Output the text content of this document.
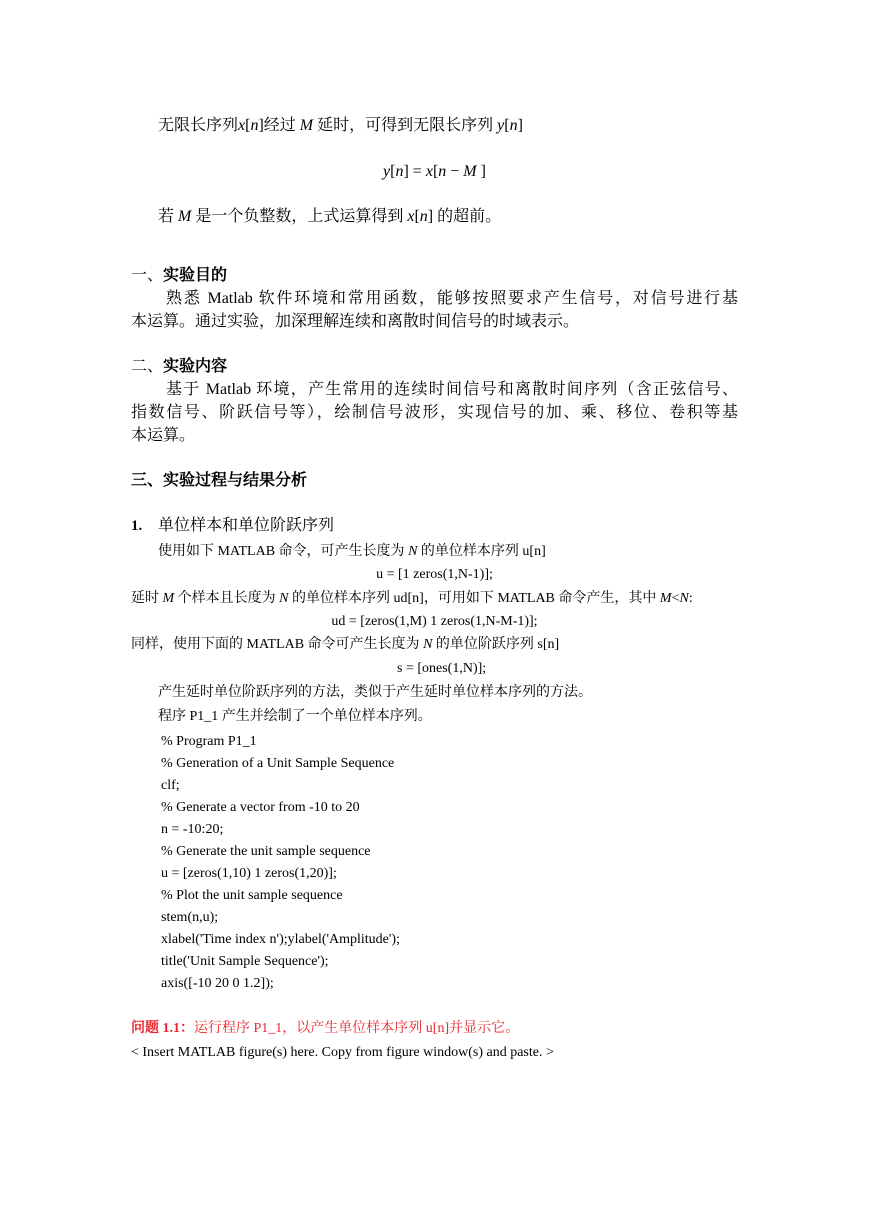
无限长序列x[n]经过 M 延时，可得到无限长序列 y[n]
y[n] = x[n − M ]
若 M 是一个负整数，上式运算得到 x[n] 的超前。
一、实验目的
熟悉 Matlab 软件环境和常用函数，能够按照要求产生信号，对信号进行基
本运算。通过实验，加深理解连续和离散时间信号的时域表示。
二、实验内容
基于 Matlab 环境，产生常用的连续时间信号和离散时间序列（含正弦信号、
指数信号、阶跃信号等），绘制信号波形，实现信号的加、乘、移位、卷积等基
本运算。
三、实验过程与结果分析
1. 单位样本和单位阶跃序列
使用如下 MATLAB 命令，可产生长度为 N 的单位样本序列 u[n]
u = [1 zeros(1,N-1)];
延时 M 个样本且长度为 N 的单位样本序列 ud[n]，可用如下 MATLAB 命令产生，其中 M<N:
ud = [zeros(1,M) 1 zeros(1,N-M-1)];
同样，使用下面的 MATLAB 命令可产生长度为 N 的单位阶跃序列 s[n]
s = [ones(1,N)];
产生延时单位阶跃序列的方法，类似于产生延时单位样本序列的方法。
程序 P1_1 产生并绘制了一个单位样本序列。
% Program P1_1
% Generation of a Unit Sample Sequence
clf;
% Generate a vector from -10 to 20
n = -10:20;
% Generate the unit sample sequence
u = [zeros(1,10) 1 zeros(1,20)];
% Plot the unit sample sequence
stem(n,u);
xlabel('Time index n');ylabel('Amplitude');
title('Unit Sample Sequence');
axis([-10 20 0 1.2]);
问题 1.1：运行程序 P1_1，以产生单位样本序列 u[n]并显示它。
< Insert MATLAB figure(s) here. Copy from figure window(s) and paste. >
